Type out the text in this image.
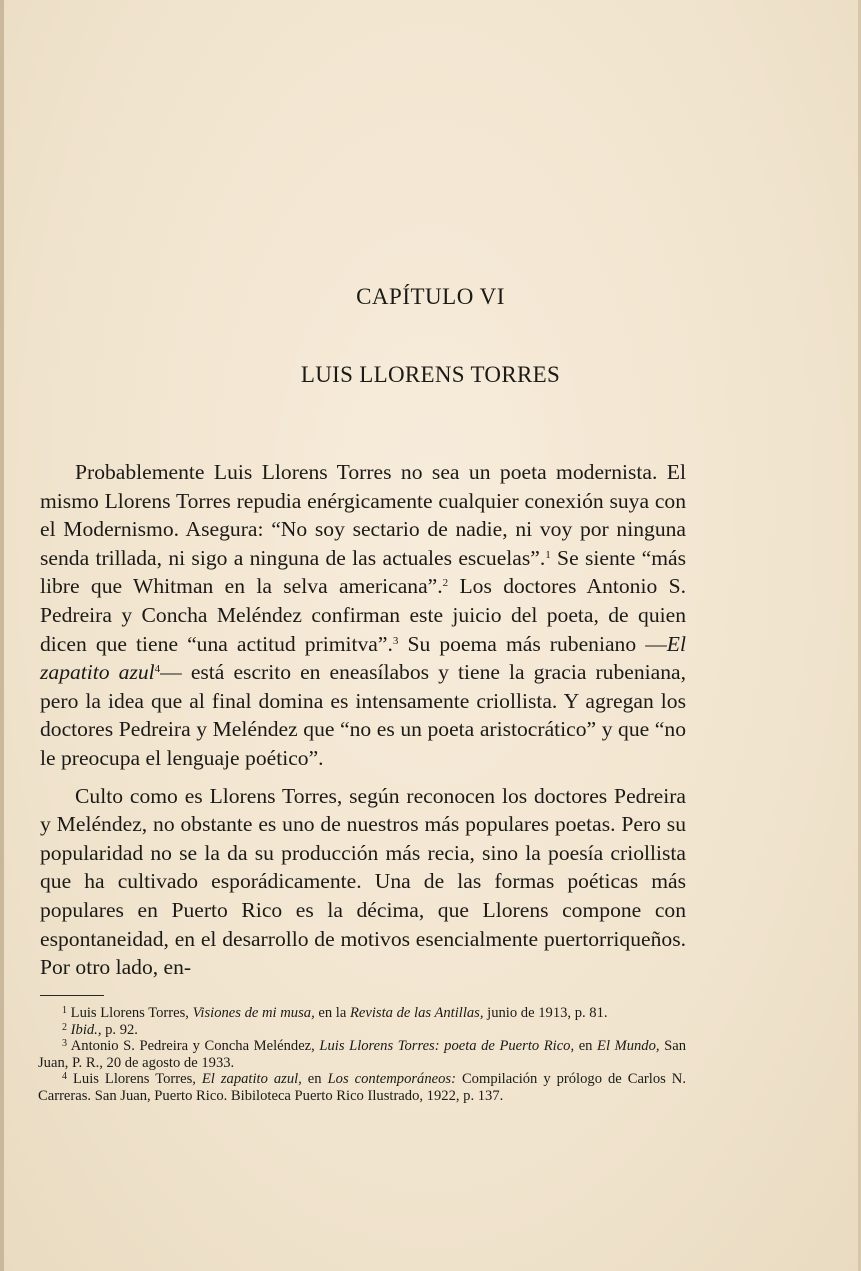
CAPÍTULO VI
LUIS LLORENS TORRES

Probablemente Luis Llorens Torres no sea un poeta modernista. El mismo Llorens Torres repudia enérgicamente cualquier conexión suya con el Modernismo. Asegura: “No soy sectario de nadie, ni voy por ninguna senda trillada, ni sigo a ninguna de las actuales escuelas”.$^1$ Se siente “más libre que Whitman en la selva americana”.$^2$ Los doctores Antonio S. Pedreira y Concha Meléndez confirman este juicio del poeta, de quien dicen que tiene “una actitud primitva”.$^3$ Su poema más rubeniano —El zapatito azul$^4$— está escrito en eneasílabos y tiene la gracia rubeniana, pero la idea que al final domina es intensamente criollista. Y agregan los doctores Pedreira y Meléndez que “no es un poeta aristocrático” y que “no le preocupa el lenguaje poético”.

Culto como es Llorens Torres, según reconocen los doctores Pedreira y Meléndez, no obstante es uno de nuestros más populares poetas. Pero su popularidad no se la da su producción más recia, sino la poesía criollista que ha cultivado esporádicamente. Una de las formas poéticas más populares en Puerto Rico es la décima, que Llorens compone con espontaneidad, en el desarrollo de motivos esencialmente puertorriqueños. Por otro lado, en-

$^1$ Luis Llorens Torres, Visiones de mi musa, en la Revista de las Antillas, junio de 1913, p. 81.

$^2$ Ibid., p. 92.

$^3$ Antonio S. Pedreira y Concha Meléndez, Luis Llorens Torres: poeta de Puerto Rico, en El Mundo, San Juan, P. R., 20 de agosto de 1933.

$^4$ Luis Llorens Torres, El zapatito azul, en Los contemporáneos: Compilación y prólogo de Carlos N. Carreras. San Juan, Puerto Rico. Bibiloteca Puerto Rico Ilustrado, 1922, p. 137.
